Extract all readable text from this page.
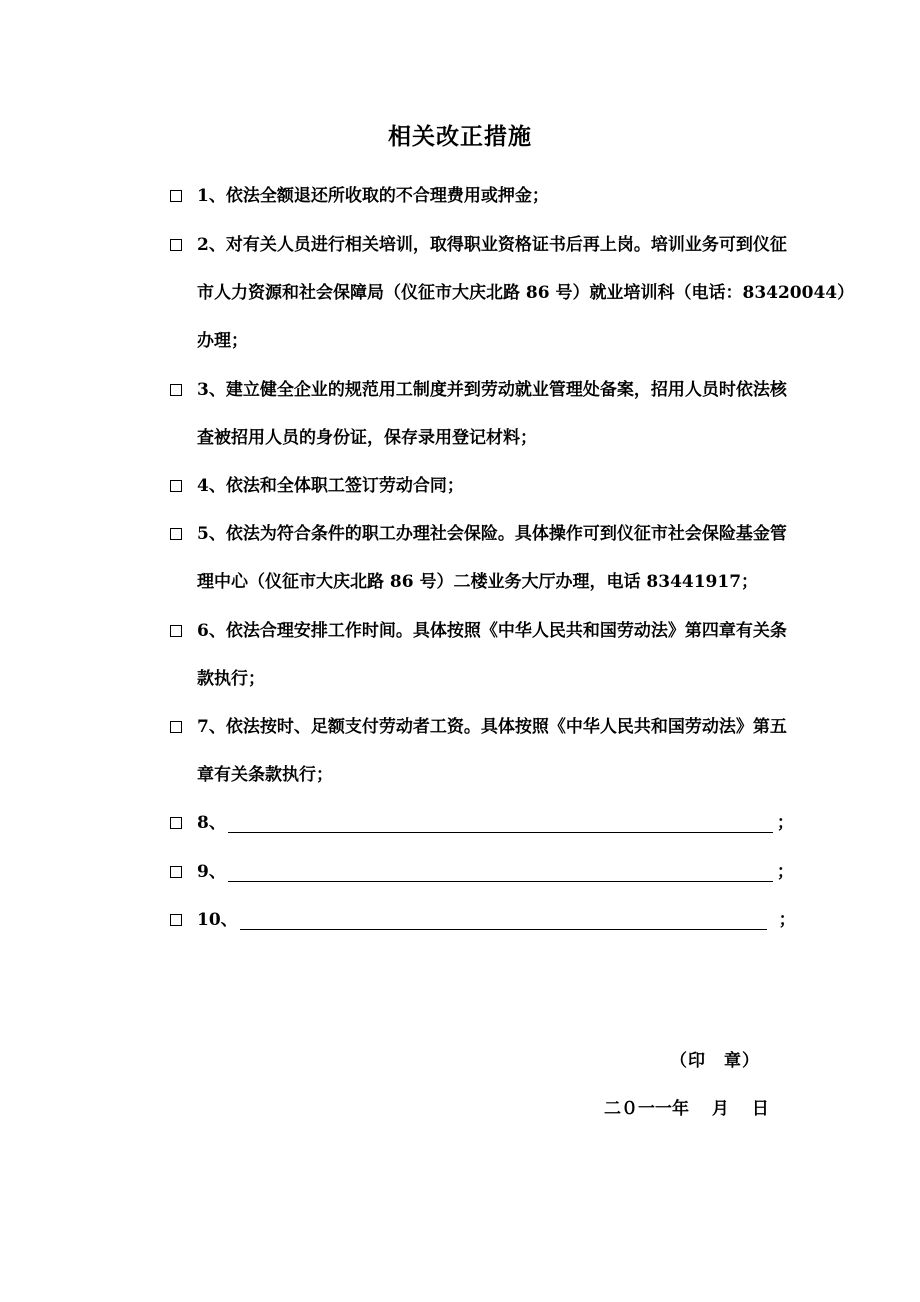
相关改正措施
1、依法全额退还所收取的不合理费用或押金；
2、对有关人员进行相关培训，取得职业资格证书后再上岗。培训业务可到仪征
市人力资源和社会保障局（仪征市大庆北路 86 号）就业培训科（电话：83420044）
办理；
3、建立健全企业的规范用工制度并到劳动就业管理处备案，招用人员时依法核
查被招用人员的身份证，保存录用登记材料；
4、依法和全体职工签订劳动合同；
5、依法为符合条件的职工办理社会保险。具体操作可到仪征市社会保险基金管
理中心（仪征市大庆北路 86 号）二楼业务大厅办理，电话 83441917；
6、依法合理安排工作时间。具体按照《中华人民共和国劳动法》第四章有关条
款执行；
7、依法按时、足额支付劳动者工资。具体按照《中华人民共和国劳动法》第五
章有关条款执行；
8、	；
9、	；
10、	；
（印　章）
二０一一年　 月　 日
